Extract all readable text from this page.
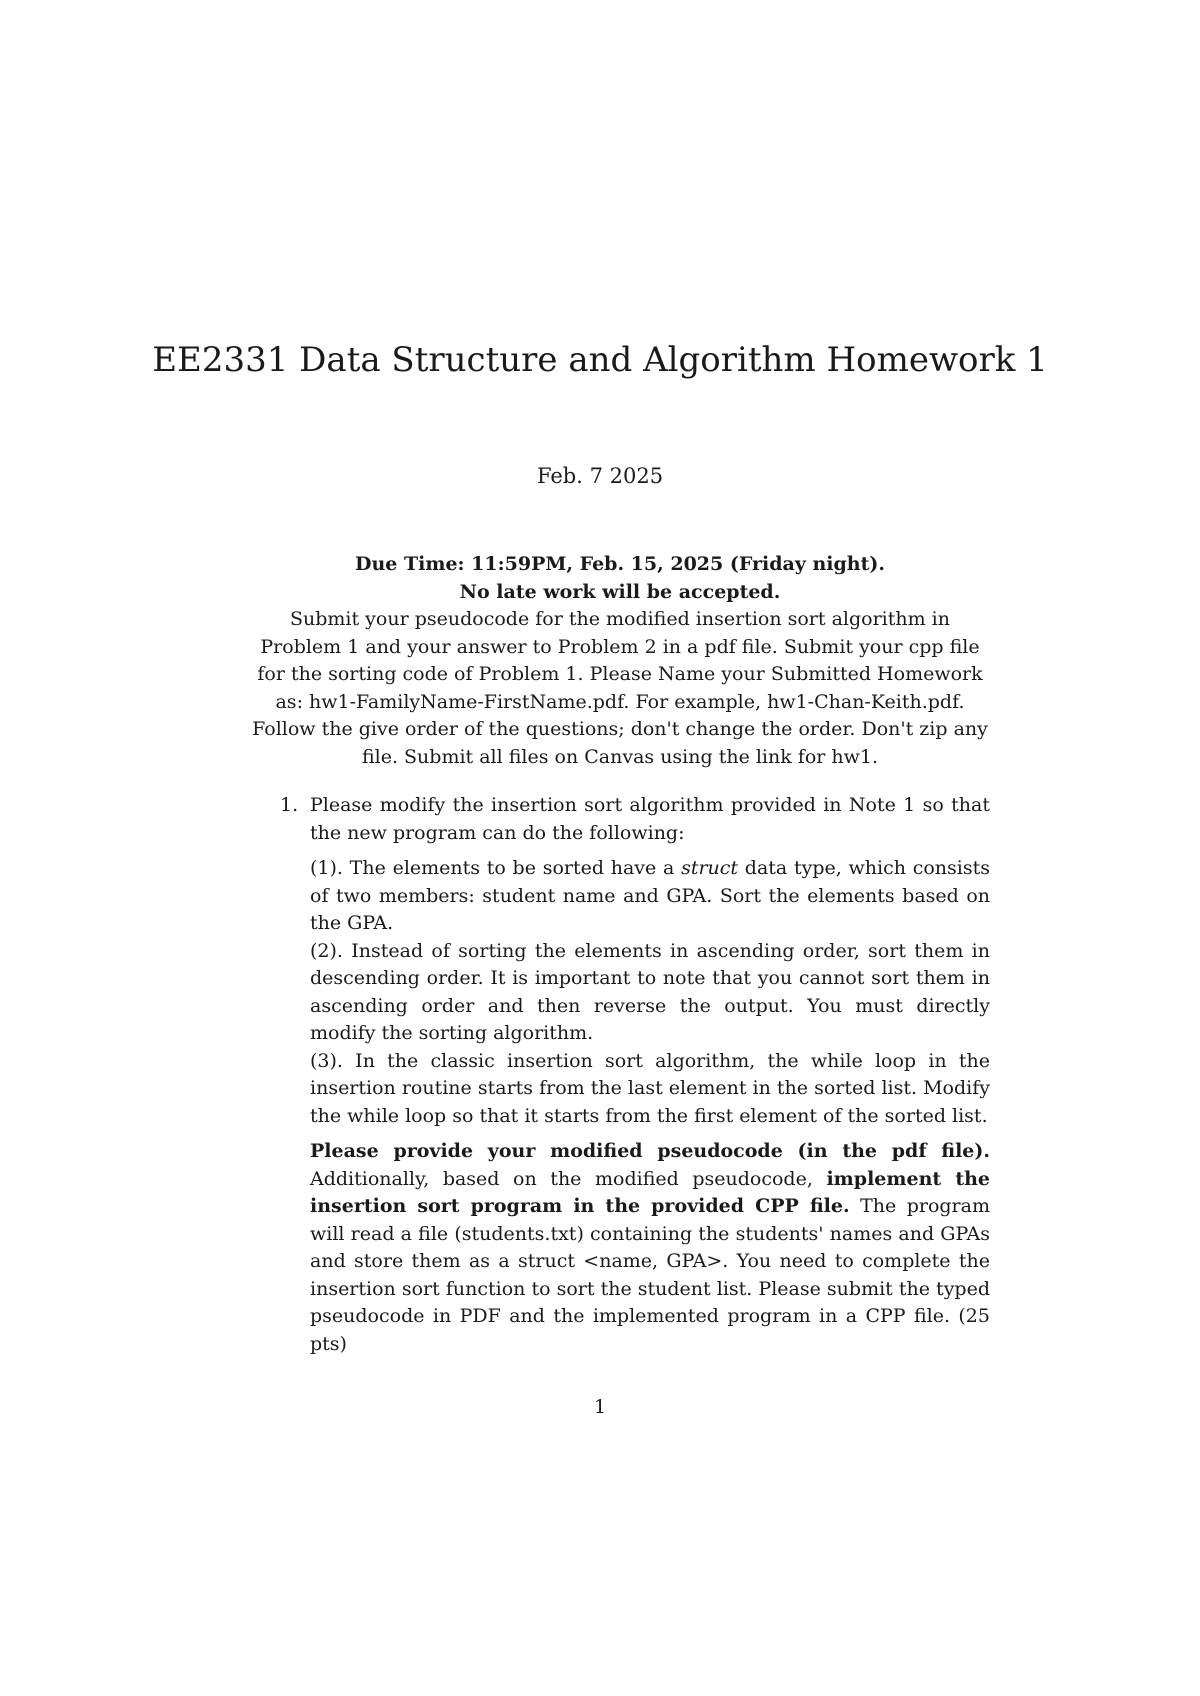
EE2331 Data Structure and Algorithm Homework 1
Feb. 7 2025
Due Time: 11:59PM, Feb. 15, 2025 (Friday night).
No late work will be accepted.
Submit your pseudocode for the modified insertion sort algorithm in Problem 1 and your answer to Problem 2 in a pdf file. Submit your cpp file for the sorting code of Problem 1. Please Name your Submitted Homework as: hw1-FamilyName-FirstName.pdf. For example, hw1-Chan-Keith.pdf. Follow the give order of the questions; don't change the order. Don't zip any file. Submit all files on Canvas using the link for hw1.
1. Please modify the insertion sort algorithm provided in Note 1 so that the new program can do the following:

(1). The elements to be sorted have a struct data type, which consists of two members: student name and GPA. Sort the elements based on the GPA.

(2). Instead of sorting the elements in ascending order, sort them in descending order. It is important to note that you cannot sort them in ascending order and then reverse the output. You must directly modify the sorting algorithm.

(3). In the classic insertion sort algorithm, the while loop in the insertion routine starts from the last element in the sorted list. Modify the while loop so that it starts from the first element of the sorted list.

Please provide your modified pseudocode (in the pdf file). Additionally, based on the modified pseudocode, implement the insertion sort program in the provided CPP file. The program will read a file (students.txt) containing the students' names and GPAs and store them as a struct <name, GPA>. You need to complete the insertion sort function to sort the student list. Please submit the typed pseudocode in PDF and the implemented program in a CPP file. (25 pts)

1
